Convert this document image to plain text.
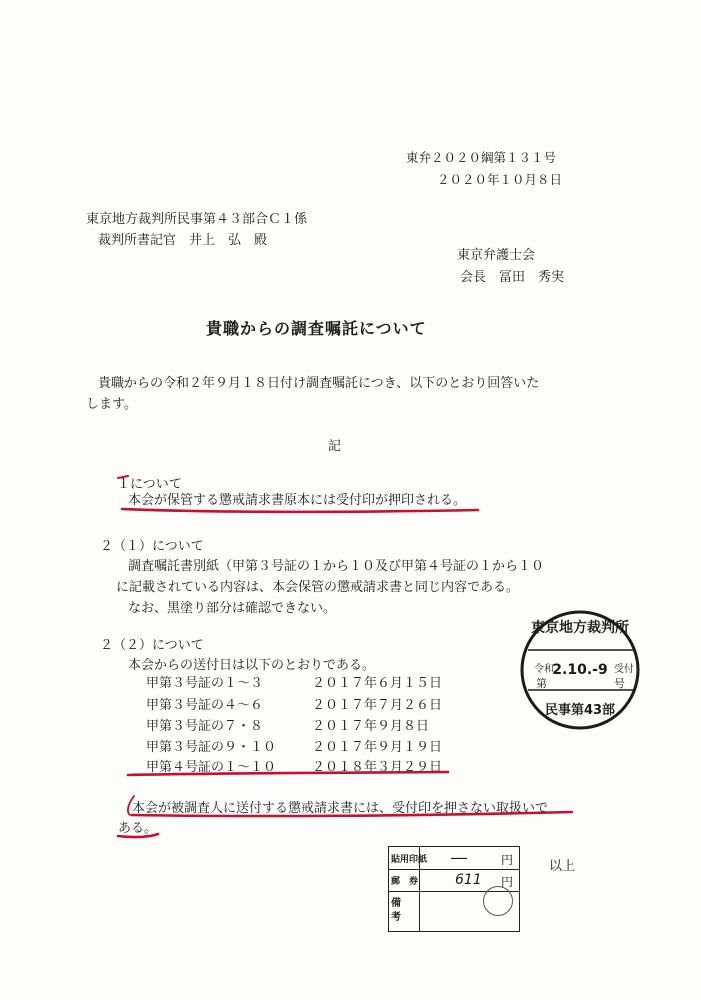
東弁２０２０綱第１３１号
２０２０年１０月８日
東京地方裁判所民事第４３部合Ｃ１係
裁判所書記官　井上　弘　殿
東京弁護士会
会長　冨田　秀実
貴職からの調査嘱託について
貴職からの令和２年９月１８日付け調査嘱託につき、以下のとおり回答いた
します。
記
１について
本会が保管する懲戒請求書原本には受付印が押印される。
２（１）について
調査嘱託書別紙（甲第３号証の１から１０及び甲第４号証の１から１０
に記載されている内容は、本会保管の懲戒請求書と同じ内容である。
なお、黒塗り部分は確認できない。
２（２）について
本会からの送付日は以下のとおりである。
甲第３号証の１～３	２０１７年６月１５日
甲第３号証の４～６	２０１７年７月２６日
甲第３号証の７・８	２０１７年９月８日
甲第３号証の９・１０	２０１７年９月１９日
甲第４号証の１～１０	２０１８年３月２９日
本会が被調査人に送付する懲戒請求書には、受付印を押さない取扱いで
ある。
東京地方裁判所
令和
2.10.-9 受付
第	号
民事第43部
貼用印紙 ―	円
郵　券	611 円
備考
以上
